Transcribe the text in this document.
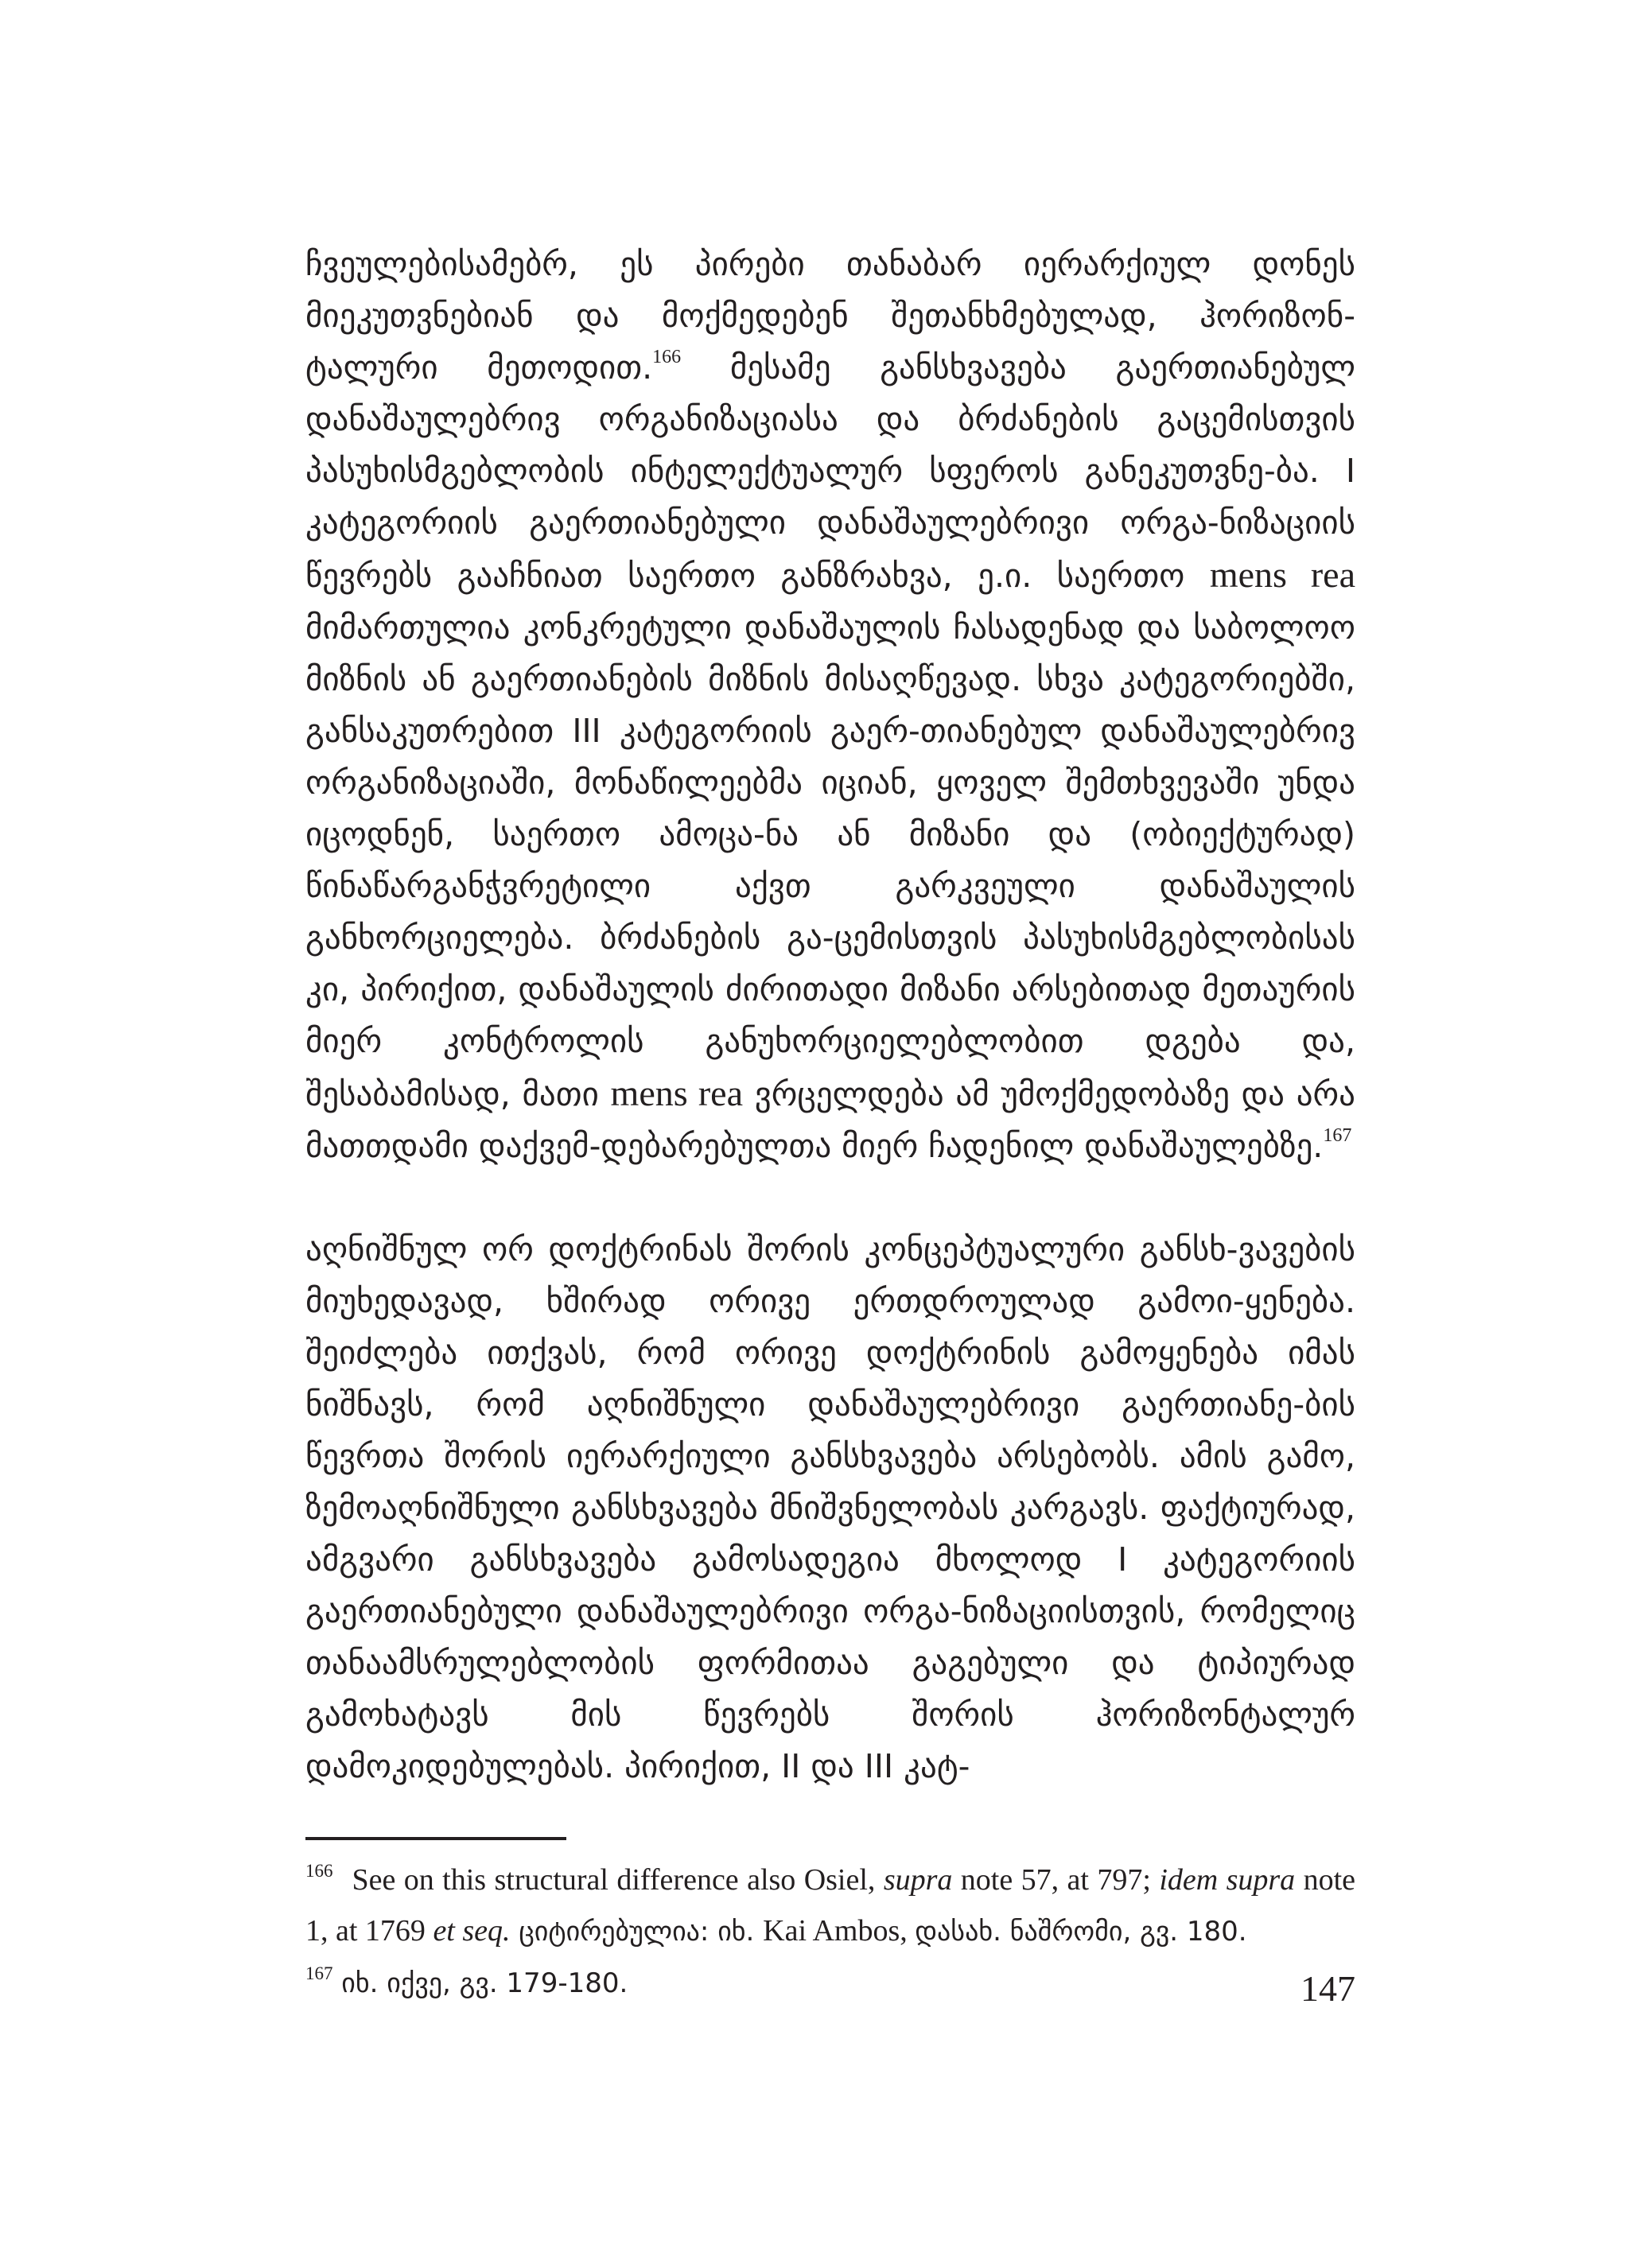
ჩვეულებისამებრ, ეს პირები თანაბარ იერარქიულ დონეს მიეკუთვნებიან და მოქმედებენ შეთანხმებულად, ჰორიზონ-ტალური მეთოდით.$^{166}$ მესამე განსხვავება გაერთიანებულ დანაშაულებრივ ორგანიზაციასა და ბრძანების გაცემისთვის პასუხისმგებლობის ინტელექტუალურ სფეროს განეკუთვნე-ბა. I კატეგორიის გაერთიანებული დანაშაულებრივი ორგა-ნიზაციის წევრებს გააჩნიათ საერთო განზრახვა, ე.ი. საერთო mens rea მიმართულია კონკრეტული დანაშაულის ჩასადენად და საბოლოო მიზნის ან გაერთიანების მიზნის მისაღწევად. სხვა კატეგორიებში, განსაკუთრებით III კატეგორიის გაერ-თიანებულ დანაშაულებრივ ორგანიზაციაში, მონაწილეებმა იციან, ყოველ შემთხვევაში უნდა იცოდნენ, საერთო ამოცა-ნა ან მიზანი და (ობიექტურად) წინაწარგანჭვრეტილი აქვთ გარკვეული დანაშაულის განხორციელება. ბრძანების გა-ცემისთვის პასუხისმგებლობისას კი, პირიქით, დანაშაულის ძირითადი მიზანი არსებითად მეთაურის მიერ კონტროლის განუხორციელებლობით დგება და, შესაბამისად, მათი mens rea ვრცელდება ამ უმოქმედობაზე და არა მათთდამი დაქვემ-დებარებულთა მიერ ჩადენილ დანაშაულებზე.$^{167}$

აღნიშნულ ორ დოქტრინას შორის კონცეპტუალური განსხ-ვავების მიუხედავად, ხშირად ორივე ერთდროულად გამოი-ყენება. შეიძლება ითქვას, რომ ორივე დოქტრინის გამოყენება იმას ნიშნავს, რომ აღნიშნული დანაშაულებრივი გაერთიანე-ბის წევრთა შორის იერარქიული განსხვავება არსებობს. ამის გამო, ზემოაღნიშნული განსხვავება მნიშვნელობას კარგავს. ფაქტიურად, ამგვარი განსხვავება გამოსადეგია მხოლოდ I კატეგორიის გაერთიანებული დანაშაულებრივი ორგა-ნიზაციისთვის, რომელიც თანაამსრულებლობის ფორმითაა გაგებული და ტიპიურად გამოხატავს მის წევრებს შორის ჰორიზონტალურ დამოკიდებულებას. პირიქით, II და III კატ-

$^{166}$ See on this structural difference also Osiel, supra note 57, at 797; idem supra note 1, at 1769 et seq. ციტირებულია: იხ. Kai Ambos, დასახ. ნაშრომი, გვ. 180.

$^{167}$ იხ. იქვე, გვ. 179-180.	147
